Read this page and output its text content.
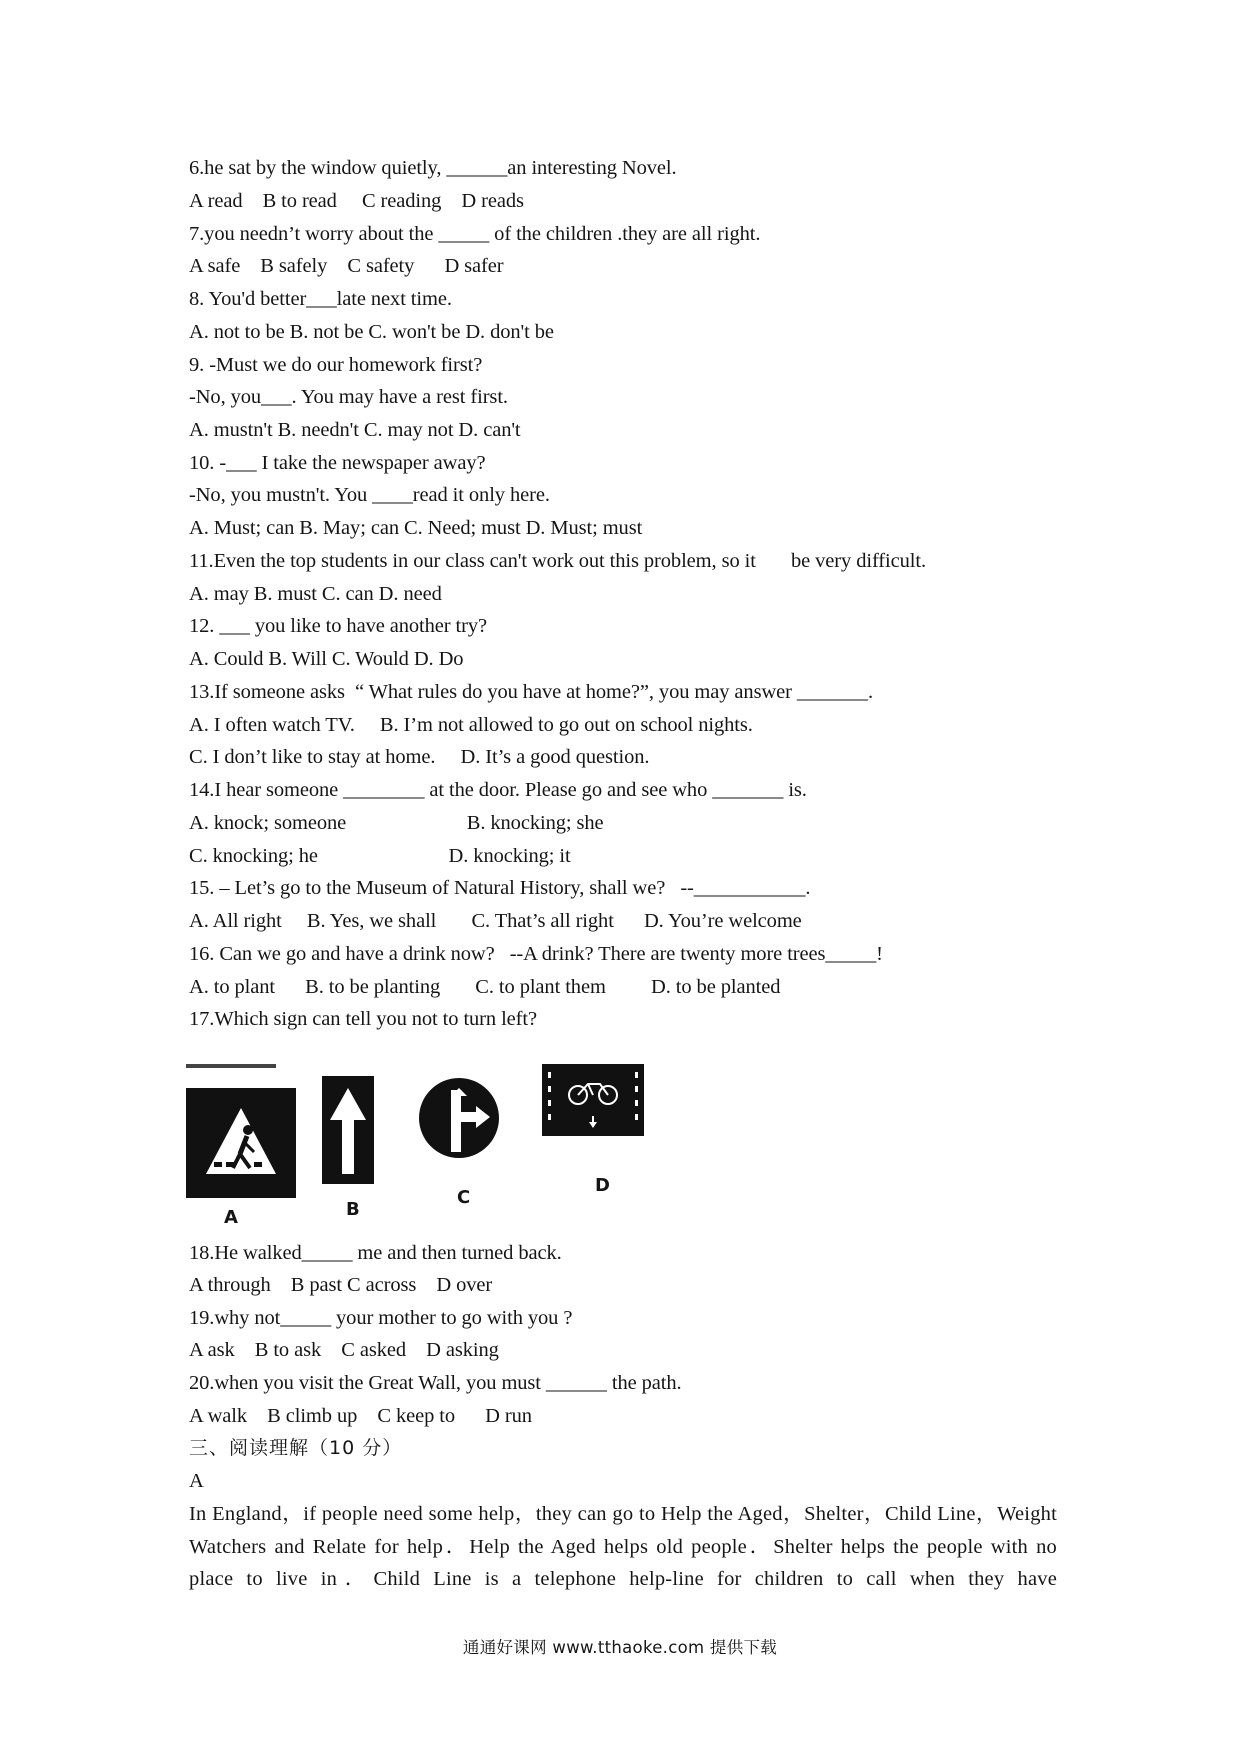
6.he sat by the window quietly, ______an interesting Novel.
A read    B to read     C reading    D reads
7.you needn’t worry about the _____ of the children .they are all right.
A safe    B safely    C safety      D safer
8. You'd better___late next time.
A. not to be B. not be C. won't be D. don't be
9. -Must we do our homework first?
-No, you___. You may have a rest first.
A. mustn't B. needn't C. may not D. can't
10. -___ I take the newspaper away?
-No, you mustn't. You ____read it only here.
A. Must; can B. May; can C. Need; must D. Must; must
11.Even the top students in our class can't work out this problem, so it       be very difficult.
A. may B. must C. can D. need
12. ___ you like to have another try?
A. Could B. Will C. Would D. Do
13.If someone asks  “ What rules do you have at home?”, you may answer _______.
A. I often watch TV.     B. I’m not allowed to go out on school nights.
C. I don’t like to stay at home.     D. It’s a good question.
14.I hear someone ________ at the door. Please go and see who _______ is.
A. knock; someone                        B. knocking; she
C. knocking; he                          D. knocking; it
15. – Let’s go to the Museum of Natural History, shall we?   --___________.
A. All right     B. Yes, we shall       C. That’s all right      D. You’re welcome
16. Can we go and have a drink now?   --A drink? There are twenty more trees_____!
A. to plant      B. to be planting       C. to plant them         D. to be planted
17.Which sign can tell you not to turn left?
A	B
C
D
18.He walked_____ me and then turned back.
A through    B past C across    D over
19.why not_____ your mother to go with you ?
A ask    B to ask    C asked    D asking
20.when you visit the Great Wall, you must ______ the path.
A walk    B climb up    C keep to      D run
三、阅读理解（10 分）
A
In England，if people need some help，they can go to Help the Aged，Shelter，Child Line，Weight
Watchers and Relate for help．Help the Aged helps old people．Shelter helps the people with no
place to live in．Child Line is a telephone help-line for children to call when they have
通通好课网 www.tthaoke.com 提供下载
